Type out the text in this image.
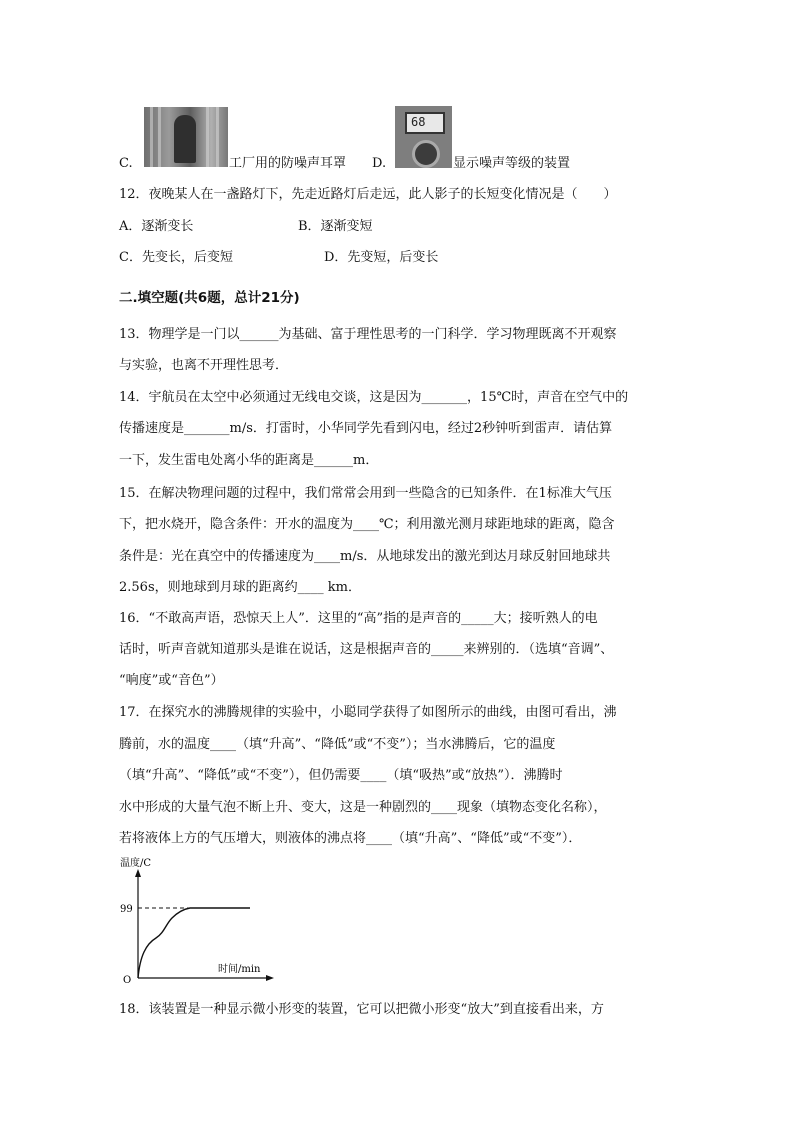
C.	工厂用的防噪声耳罩 D.
68
显示噪声等级的装置
12．夜晚某人在一盏路灯下，先走近路灯后走远，此人影子的长短变化情况是（　　）
A．逐渐变长	B．逐渐变短
C．先变长，后变短	D．先变短，后变长
二.填空题(共6题，总计21分)
13．物理学是一门以______为基础、富于理性思考的一门科学．学习物理既离不开观察
与实验，也离不开理性思考．
14．宇航员在太空中必须通过无线电交谈，这是因为_______，15℃时，声音在空气中的
传播速度是_______m/s．打雷时，小华同学先看到闪电，经过2秒钟听到雷声．请估算
一下，发生雷电处离小华的距离是______m．
15．在解决物理问题的过程中，我们常常会用到一些隐含的已知条件．在1标准大气压
下，把水烧开，隐含条件：开水的温度为____℃；利用激光测月球距地球的距离，隐含
条件是：光在真空中的传播速度为____m/s．从地球发出的激光到达月球反射回地球共
2.56s，则地球到月球的距离约____ km．
16．“不敢高声语，恐惊天上人”．这里的“高”指的是声音的_____大；接听熟人的电
话时，听声音就知道那头是谁在说话，这是根据声音的_____来辨别的．（选填“音调”、
“响度”或“音色”）
17．在探究水的沸腾规律的实验中，小聪同学获得了如图所示的曲线，由图可看出，沸
腾前，水的温度____（填“升高”、“降低”或“不变”）；当水沸腾后，它的温度
（填“升高”、“降低”或“不变”），但仍需要____（填“吸热”或“放热”）．沸腾时
水中形成的大量气泡不断上升、变大，这是一种剧烈的____现象（填物态变化名称），
若将液体上方的气压增大，则液体的沸点将____（填“升高”、“降低”或“不变”）．
温度/C
O
时间/min
99
18．该装置是一种显示微小形变的装置，它可以把微小形变“放大”到直接看出来，方
